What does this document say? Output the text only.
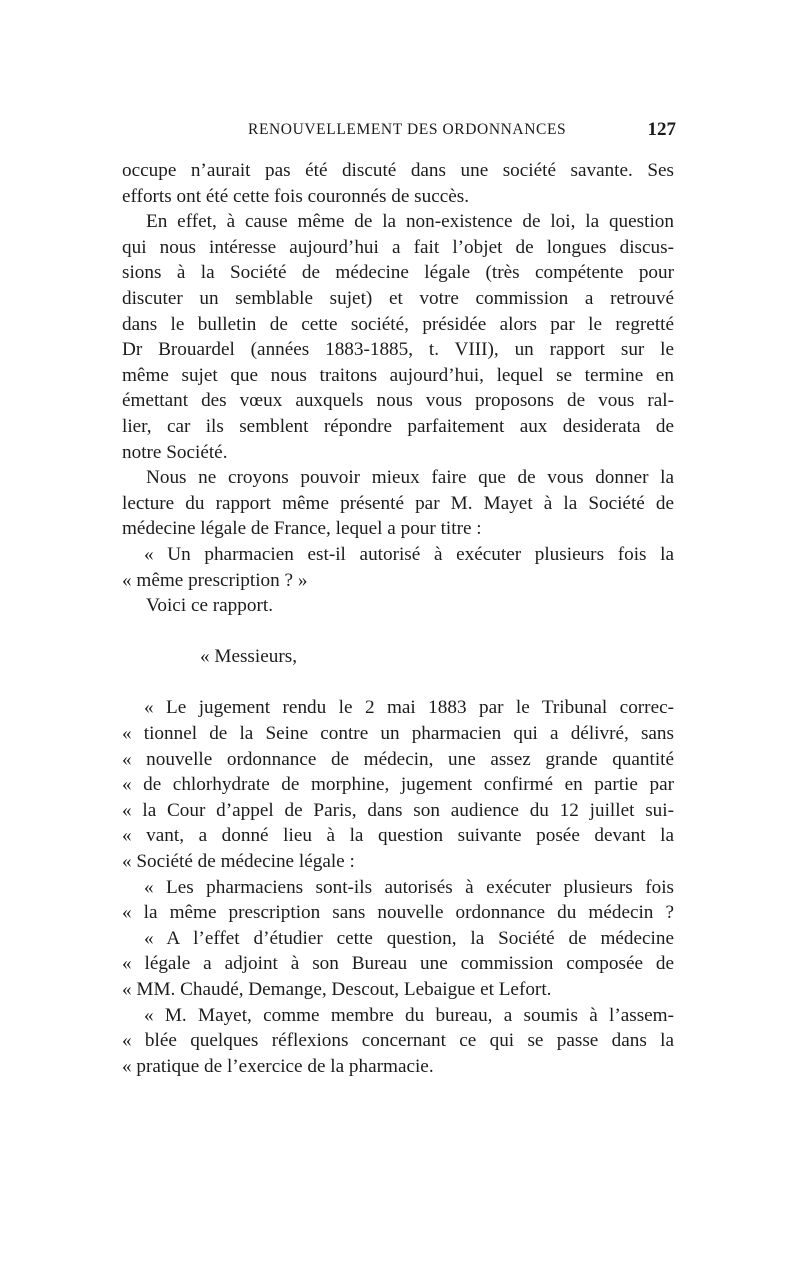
RENOUVELLEMENT DES ORDONNANCES	127
occupe n’aurait pas été discuté dans une société savante. Ses
efforts ont été cette fois couronnés de succès.
En effet, à cause même de la non-existence de loi, la question
qui nous intéresse aujourd’hui a fait l’objet de longues discus-
sions à la Société de médecine légale (très compétente pour
discuter un semblable sujet) et votre commission a retrouvé
dans le bulletin de cette société, présidée alors par le regretté
Dr Brouardel (années 1883-1885, t. VIII), un rapport sur le
même sujet que nous traitons aujourd’hui, lequel se termine en
émettant des vœux auxquels nous vous proposons de vous ral-
lier, car ils semblent répondre parfaitement aux desiderata de
notre Société.
Nous ne croyons pouvoir mieux faire que de vous donner la
lecture du rapport même présenté par M. Mayet à la Société de
médecine légale de France, lequel a pour titre :
« Un pharmacien est-il autorisé à exécuter plusieurs fois la
« même prescription ? »
Voici ce rapport.
« Messieurs,
« Le jugement rendu le 2 mai 1883 par le Tribunal correc-
« tionnel de la Seine contre un pharmacien qui a délivré, sans
« nouvelle ordonnance de médecin, une assez grande quantité
« de chlorhydrate de morphine, jugement confirmé en partie par
« la Cour d’appel de Paris, dans son audience du 12 juillet sui-
« vant, a donné lieu à la question suivante posée devant la
« Société de médecine légale :
« Les pharmaciens sont-ils autorisés à exécuter plusieurs fois
« la même prescription sans nouvelle ordonnance du médecin ?
« A l’effet d’étudier cette question, la Société de médecine
« légale a adjoint à son Bureau une commission composée de
« MM. Chaudé, Demange, Descout, Lebaigue et Lefort.
« M. Mayet, comme membre du bureau, a soumis à l’assem-
« blée quelques réflexions concernant ce qui se passe dans la
« pratique de l’exercice de la pharmacie.
